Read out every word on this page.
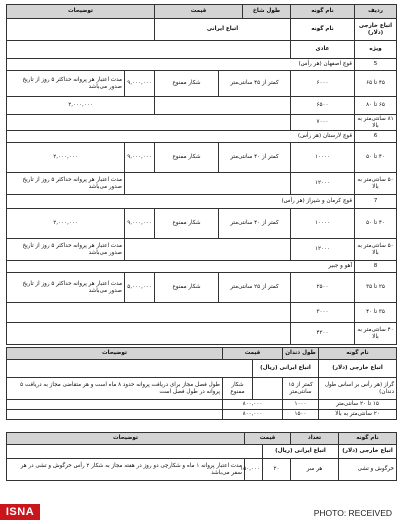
ردیف	نام گونه	طول شاخ	قیمت		توضیحات	
اتباع خارجی (دلار)	نام گونه	اتباع ایرانی				
ویژه	عادی					
5	قوچ اصفهان (هر رأس)					
۴۵ تا ۶۵	۶۰۰۰	کمتر از ۴۵ سانتی‌متر		شکار ممنوع	۹,۰۰۰,۰۰۰	مدت اعتبار هر پروانه حداکثر ۵ روز از تاریخ صدور می‌باشد
۶۵ تا ۸۰	۶۵۰۰				۲,۰۰۰,۰۰۰	
۸۱ سانتی‌متر به بالا	۷۰۰۰					
6	قوچ لارستان (هر رأس)					
۴۰ تا ۵۰	۱۰۰۰۰	کمتر از ۴۰ سانتی‌متر		شکار ممنوع	۹,۰۰۰,۰۰۰	۲,۰۰۰,۰۰۰
۵۰ سانتی‌متر به بالا	۱۲۰۰۰					مدت اعتبار هر پروانه حداکثر ۵ روز از تاریخ صدور می‌باشد
7	قوچ کرمان و شیراز (هر رأس)					
۴۰ تا ۵۰	۱۰۰۰۰	کمتر از ۴۰ سانتی‌متر		شکار ممنوع	۹,۰۰۰,۰۰۰	۲,۰۰۰,۰۰۰
۵۰ سانتی‌متر به بالا	۱۲۰۰۰					مدت اعتبار هر پروانه حداکثر ۵ روز از تاریخ صدور می‌باشد
8	آهو و جبیر					
۲۵ تا ۳۵	۲۵۰۰	کمتر از ۲۵ سانتی‌متر		شکار ممنوع	۵,۰۰۰,۰۰۰	مدت اعتبار هر پروانه حداکثر ۵ روز از تاریخ صدور می‌باشد
۳۵ تا ۴۰	۳۰۰۰					
۴۰ سانتی‌متر به بالا	۴۲۰۰					
نام گونه	طول دندان	قیمت		توضیحات
اتباع خارجی (دلار)	اتباع ایرانی (ریال)			
گراز (هر رأس بر اساس طول دندان)	کمتر از ۱۵ سانتی‌متر		شکار ممنوع	طول فصل مجاز برای دریافت پروانه حدود ۸ ماه است و هر متقاضی مجاز به دریافت ۵ پروانه در طول فصل است
۱۵ تا ۲۰ سانتی‌متر	۱۰۰۰	۸۰۰,۰۰۰		
۲۰ سانتی‌متر به بالا	۱۵۰۰	۸۰۰,۰۰۰		
نام گونه	تعداد	قیمت		توضیحات
اتباع خارجی (دلار)	اتباع ایرانی (ریال)			
خرگوش و تشی	هر سر	۲۰	۱۵۰,۰۰۰	مدت اعتبار پروانه ۱ ماه و شکارچی دو روز در هفته مجاز به شکار ۲ رأس خرگوش و تشی در هر سفر می‌باشد
ISNA	PHOTO: RECEIVED
